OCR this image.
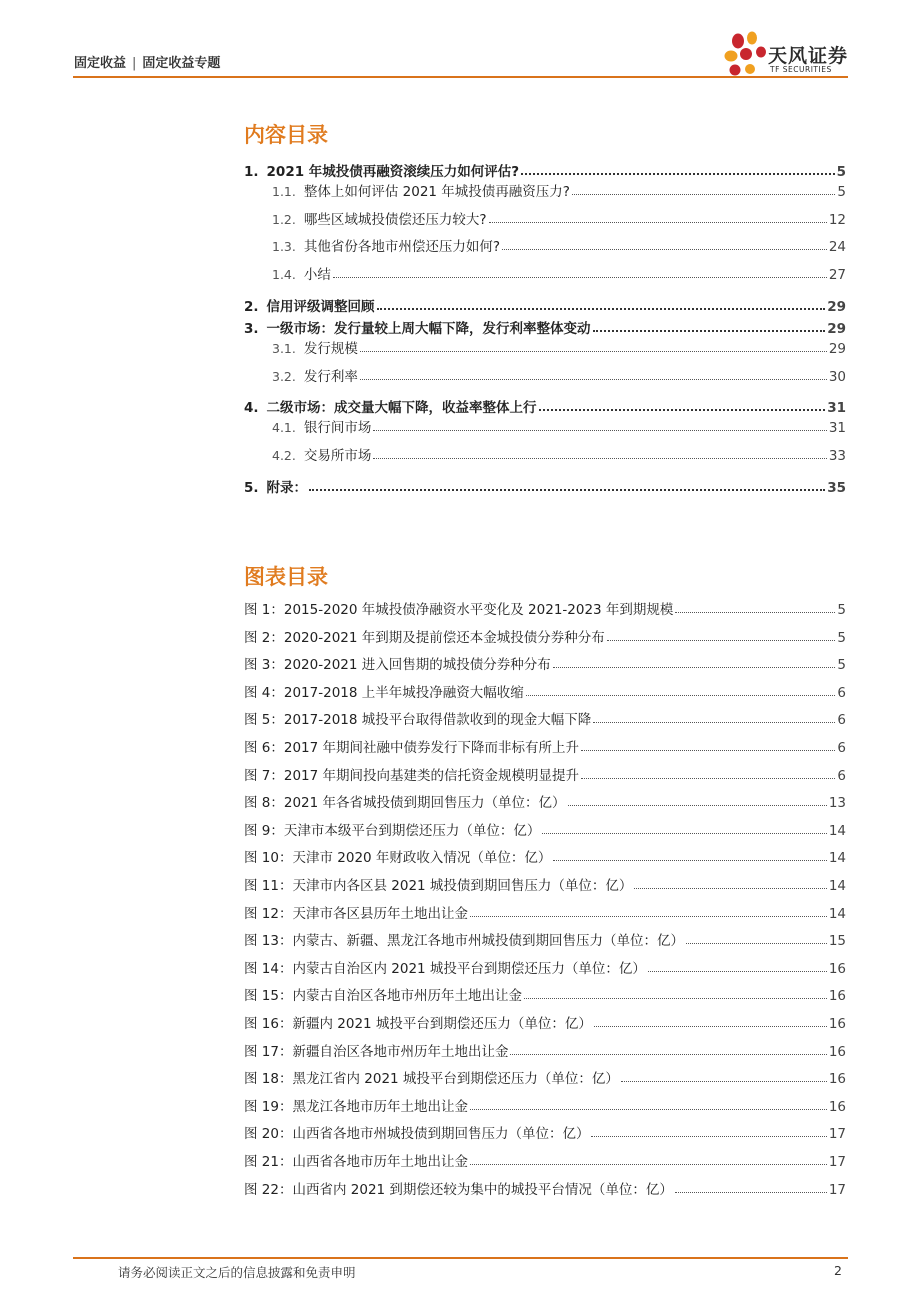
固定收益 | 固定收益专题	天风证券
TF SECURITIES
内容目录
1. 2021 年城投债再融资滚续压力如何评估?	5
1.1. 整体上如何评估 2021 年城投债再融资压力?	5
1.2. 哪些区域城投债偿还压力较大?	12
1.3. 其他省份各地市州偿还压力如何?	24
1.4. 小结	27
2. 信用评级调整回顾	29
3. 一级市场：发行量较上周大幅下降，发行利率整体变动	29
3.1. 发行规模	29
3.2. 发行利率	30
4. 二级市场：成交量大幅下降，收益率整体上行	31
4.1. 银行间市场	31
4.2. 交易所市场	33
5. 附录：	35
图表目录
图 1：2015-2020 年城投债净融资水平变化及 2021-2023 年到期规模	5
图 2：2020-2021 年到期及提前偿还本金城投债分券种分布	5
图 3：2020-2021 进入回售期的城投债分券种分布	5
图 4：2017-2018 上半年城投净融资大幅收缩	6
图 5：2017-2018 城投平台取得借款收到的现金大幅下降	6
图 6：2017 年期间社融中债券发行下降而非标有所上升	6
图 7：2017 年期间投向基建类的信托资金规模明显提升	6
图 8：2021 年各省城投债到期回售压力（单位：亿）	13
图 9：天津市本级平台到期偿还压力（单位：亿）	14
图 10：天津市 2020 年财政收入情况（单位：亿）	14
图 11：天津市内各区县 2021 城投债到期回售压力（单位：亿）	14
图 12：天津市各区县历年土地出让金	14
图 13：内蒙古、新疆、黑龙江各地市州城投债到期回售压力（单位：亿）	15
图 14：内蒙古自治区内 2021 城投平台到期偿还压力（单位：亿）	16
图 15：内蒙古自治区各地市州历年土地出让金	16
图 16：新疆内 2021 城投平台到期偿还压力（单位：亿）	16
图 17：新疆自治区各地市州历年土地出让金	16
图 18：黑龙江省内 2021 城投平台到期偿还压力（单位：亿）	16
图 19：黑龙江各地市历年土地出让金	16
图 20：山西省各地市州城投债到期回售压力（单位：亿）	17
图 21：山西省各地市历年土地出让金	17
图 22：山西省内 2021 到期偿还较为集中的城投平台情况（单位：亿）	17
请务必阅读正文之后的信息披露和免责申明	2
